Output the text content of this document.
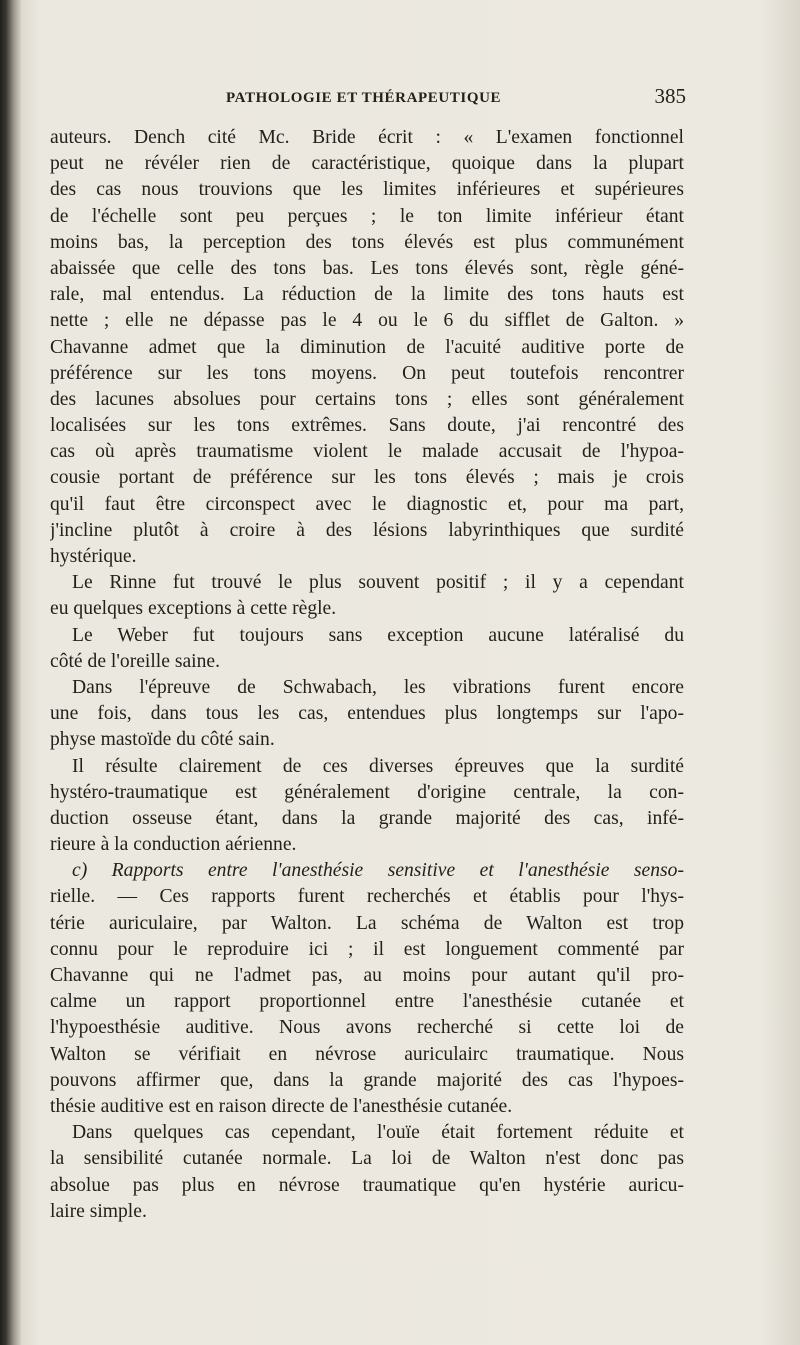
PATHOLOGIE ET THÉRAPEUTIQUE	385
auteurs. Dench cité Mc. Bride écrit : « L'examen fonctionnel
peut ne révéler rien de caractéristique, quoique dans la plupart
des cas nous trouvions que les limites inférieures et supérieures
de l'échelle sont peu perçues ; le ton limite inférieur étant
moins bas, la perception des tons élevés est plus communément
abaissée que celle des tons bas. Les tons élevés sont, règle géné-
rale, mal entendus. La réduction de la limite des tons hauts est
nette ; elle ne dépasse pas le 4 ou le 6 du sifflet de Galton. »
Chavanne admet que la diminution de l'acuité auditive porte de
préférence sur les tons moyens. On peut toutefois rencontrer
des lacunes absolues pour certains tons ; elles sont généralement
localisées sur les tons extrêmes. Sans doute, j'ai rencontré des
cas où après traumatisme violent le malade accusait de l'hypoa-
cousie portant de préférence sur les tons élevés ; mais je crois
qu'il faut être circonspect avec le diagnostic et, pour ma part,
j'incline plutôt à croire à des lésions labyrinthiques que surdité
hystérique.
Le Rinne fut trouvé le plus souvent positif ; il y a cependant
eu quelques exceptions à cette règle.
Le Weber fut toujours sans exception aucune latéralisé du
côté de l'oreille saine.
Dans l'épreuve de Schwabach, les vibrations furent encore
une fois, dans tous les cas, entendues plus longtemps sur l'apo-
physe mastoïde du côté sain.
Il résulte clairement de ces diverses épreuves que la surdité
hystéro-traumatique est généralement d'origine centrale, la con-
duction osseuse étant, dans la grande majorité des cas, infé-
rieure à la conduction aérienne.
c) Rapports entre l'anesthésie sensitive et l'anesthésie senso-
rielle. — Ces rapports furent recherchés et établis pour l'hys-
térie auriculaire, par Walton. La schéma de Walton est trop
connu pour le reproduire ici ; il est longuement commenté par
Chavanne qui ne l'admet pas, au moins pour autant qu'il pro-
calme un rapport proportionnel entre l'anesthésie cutanée et
l'hypoesthésie auditive. Nous avons recherché si cette loi de
Walton se vérifiait en névrose auriculairc traumatique. Nous
pouvons affirmer que, dans la grande majorité des cas l'hypoes-
thésie auditive est en raison directe de l'anesthésie cutanée.
Dans quelques cas cependant, l'ouïe était fortement réduite et
la sensibilité cutanée normale. La loi de Walton n'est donc pas
absolue pas plus en névrose traumatique qu'en hystérie auricu-
laire simple.
